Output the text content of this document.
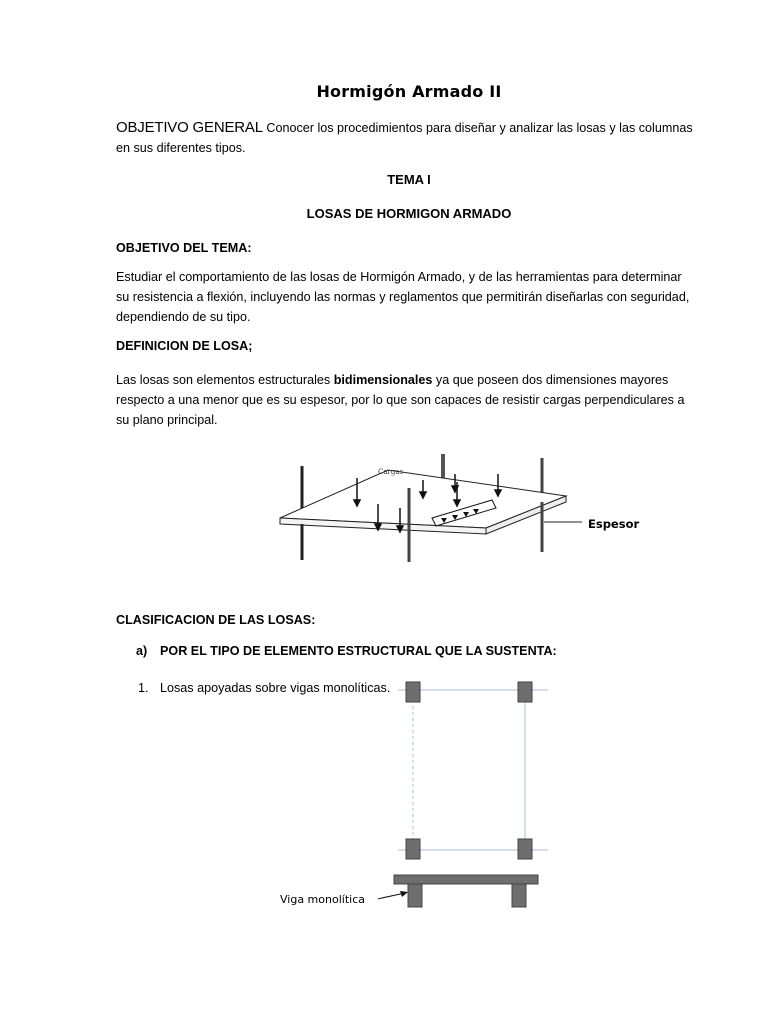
Hormigón Armado II
OBJETIVO GENERAL Conocer los procedimientos para diseñar y analizar las losas y las columnas en sus diferentes tipos.
TEMA I
LOSAS DE HORMIGON ARMADO
OBJETIVO DEL TEMA:
Estudiar el comportamiento de las losas de Hormigón Armado, y de las herramientas para determinar su resistencia a flexión, incluyendo las normas y reglamentos que permitirán diseñarlas con seguridad, dependiendo de su tipo.
DEFINICION DE LOSA;
Las losas son elementos estructurales bidimensionales ya que poseen dos dimensiones mayores respecto a una menor que es su espesor, por lo que son capaces de resistir cargas perpendiculares a su plano principal.
Cargas
Espesor
CLASIFICACION DE LAS LOSAS:
a) POR EL TIPO DE ELEMENTO ESTRUCTURAL QUE LA SUSTENTA:
1. Losas apoyadas sobre vigas monolíticas.
Viga monolítica
